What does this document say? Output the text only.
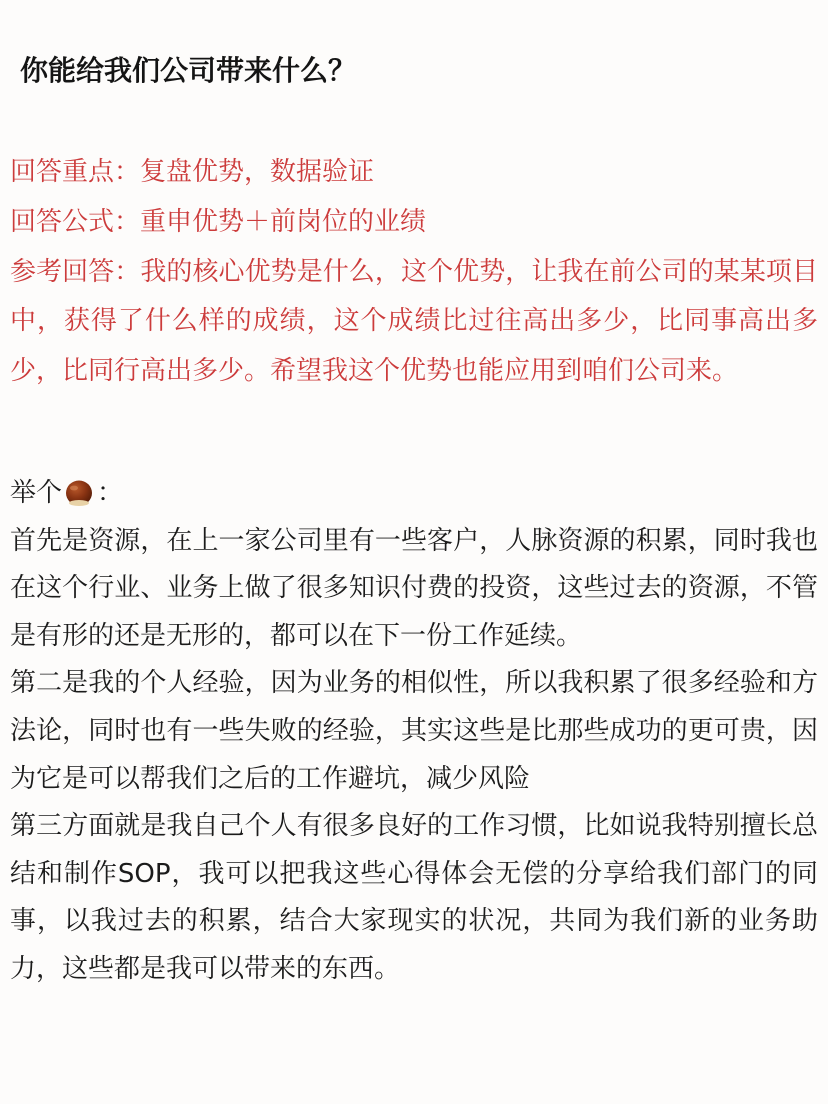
你能给我们公司带来什么？
回答重点：复盘优势，数据验证
回答公式：重申优势＋前岗位的业绩
参考回答：我的核心优势是什么，这个优势，让我在前公司的某某项目中，获得了什么样的成绩，这个成绩比过往高出多少，比同事高出多少，比同行高出多少。希望我这个优势也能应用到咱们公司来。
举个 ：
首先是资源，在上一家公司里有一些客户，人脉资源的积累，同时我也在这个行业、业务上做了很多知识付费的投资，这些过去的资源，不管是有形的还是无形的，都可以在下一份工作延续。
第二是我的个人经验，因为业务的相似性，所以我积累了很多经验和方法论，同时也有一些失败的经验，其实这些是比那些成功的更可贵，因为它是可以帮我们之后的工作避坑，减少风险
第三方面就是我自己个人有很多良好的工作习惯，比如说我特别擅长总结和制作SOP，我可以把我这些心得体会无偿的分享给我们部门的同事，以我过去的积累，结合大家现实的状况，共同为我们新的业务助力，这些都是我可以带来的东西。
